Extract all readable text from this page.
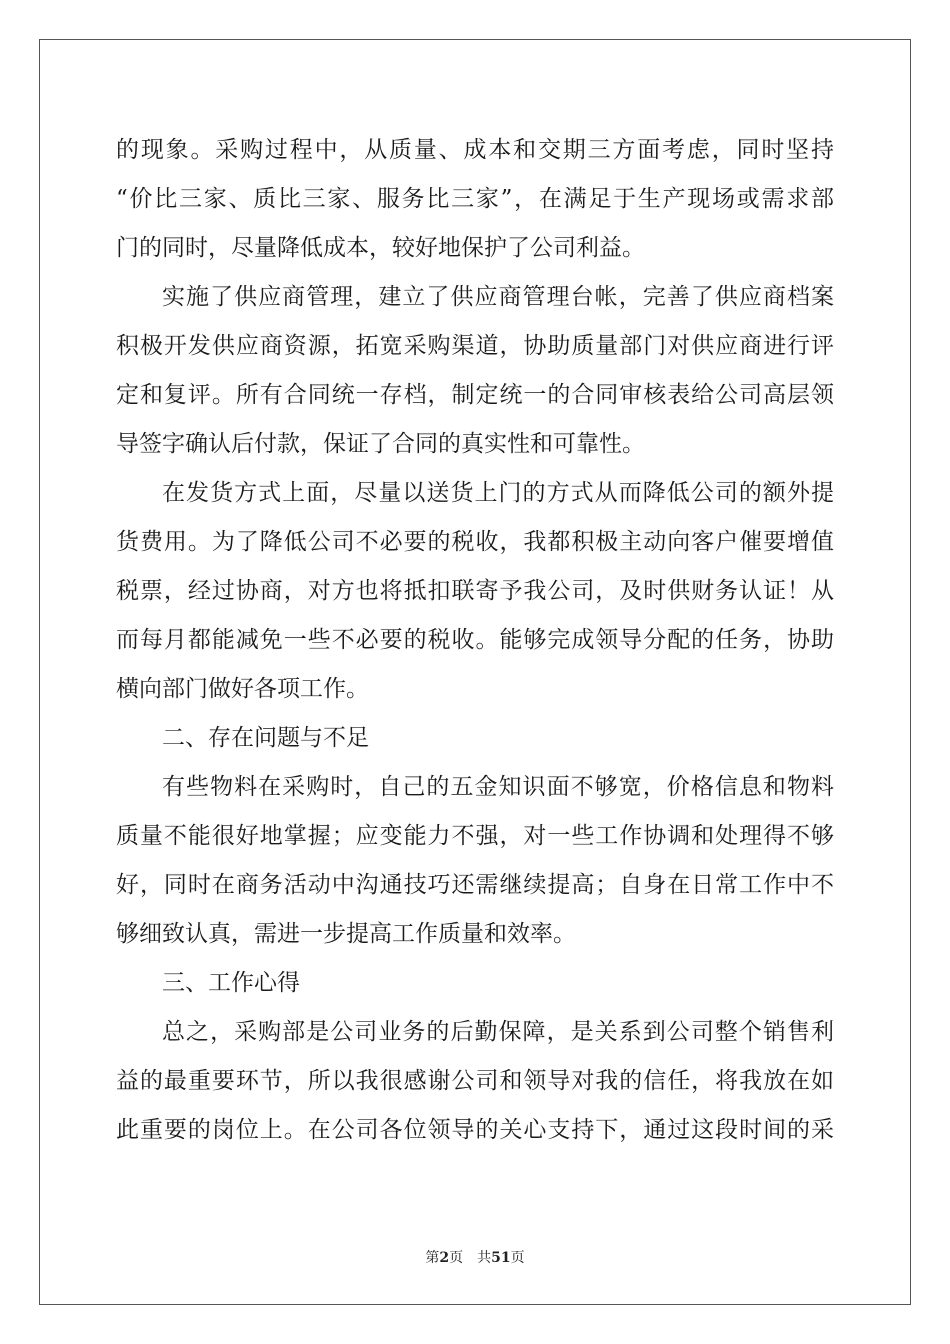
的现象。采购过程中，从质量、成本和交期三方面考虑，同时坚持
“价比三家、质比三家、服务比三家”，在满足于生产现场或需求部
门的同时，尽量降低成本，较好地保护了公司利益。
实施了供应商管理，建立了供应商管理台帐，完善了供应商档案
积极开发供应商资源，拓宽采购渠道，协助质量部门对供应商进行评
定和复评。所有合同统一存档，制定统一的合同审核表给公司高层领
导签字确认后付款，保证了合同的真实性和可靠性。
在发货方式上面，尽量以送货上门的方式从而降低公司的额外提
货费用。为了降低公司不必要的税收，我都积极主动向客户催要增值
税票，经过协商，对方也将抵扣联寄予我公司，及时供财务认证！从
而每月都能减免一些不必要的税收。能够完成领导分配的任务，协助
横向部门做好各项工作。
二、存在问题与不足
有些物料在采购时，自己的五金知识面不够宽，价格信息和物料
质量不能很好地掌握；应变能力不强，对一些工作协调和处理得不够
好，同时在商务活动中沟通技巧还需继续提高；自身在日常工作中不
够细致认真，需进一步提高工作质量和效率。
三、工作心得
总之，采购部是公司业务的后勤保障，是关系到公司整个销售利
益的最重要环节，所以我很感谢公司和领导对我的信任，将我放在如
此重要的岗位上。在公司各位领导的关心支持下，通过这段时间的采
第2页　共51页
